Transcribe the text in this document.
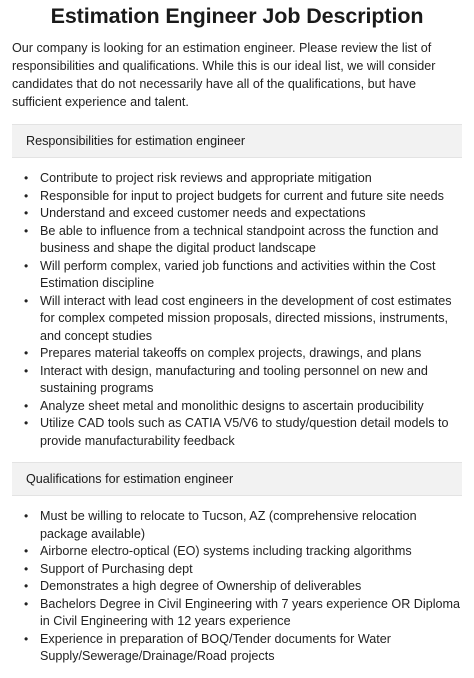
Estimation Engineer Job Description

Our company is looking for an estimation engineer. Please review the list of responsibilities and qualifications. While this is our ideal list, we will consider candidates that do not necessarily have all of the qualifications, but have sufficient experience and talent.

Responsibilities for estimation engineer
• Contribute to project risk reviews and appropriate mitigation
• Responsible for input to project budgets for current and future site needs
• Understand and exceed customer needs and expectations
• Be able to influence from a technical standpoint across the function and business and shape the digital product landscape
• Will perform complex, varied job functions and activities within the Cost Estimation discipline
• Will interact with lead cost engineers in the development of cost estimates for complex competed mission proposals, directed missions, instruments, and concept studies
• Prepares material takeoffs on complex projects, drawings, and plans
• Interact with design, manufacturing and tooling personnel on new and sustaining programs
• Analyze sheet metal and monolithic designs to ascertain producibility
• Utilize CAD tools such as CATIA V5/V6 to study/question detail models to provide manufacturability feedback
Qualifications for estimation engineer
• Must be willing to relocate to Tucson, AZ (comprehensive relocation package available)
• Airborne electro-optical (EO) systems including tracking algorithms
• Support of Purchasing dept
• Demonstrates a high degree of Ownership of deliverables
• Bachelors Degree in Civil Engineering with 7 years experience OR Diploma in Civil Engineering with 12 years experience
• Experience in preparation of BOQ/Tender documents for Water Supply/Sewerage/Drainage/Road projects
